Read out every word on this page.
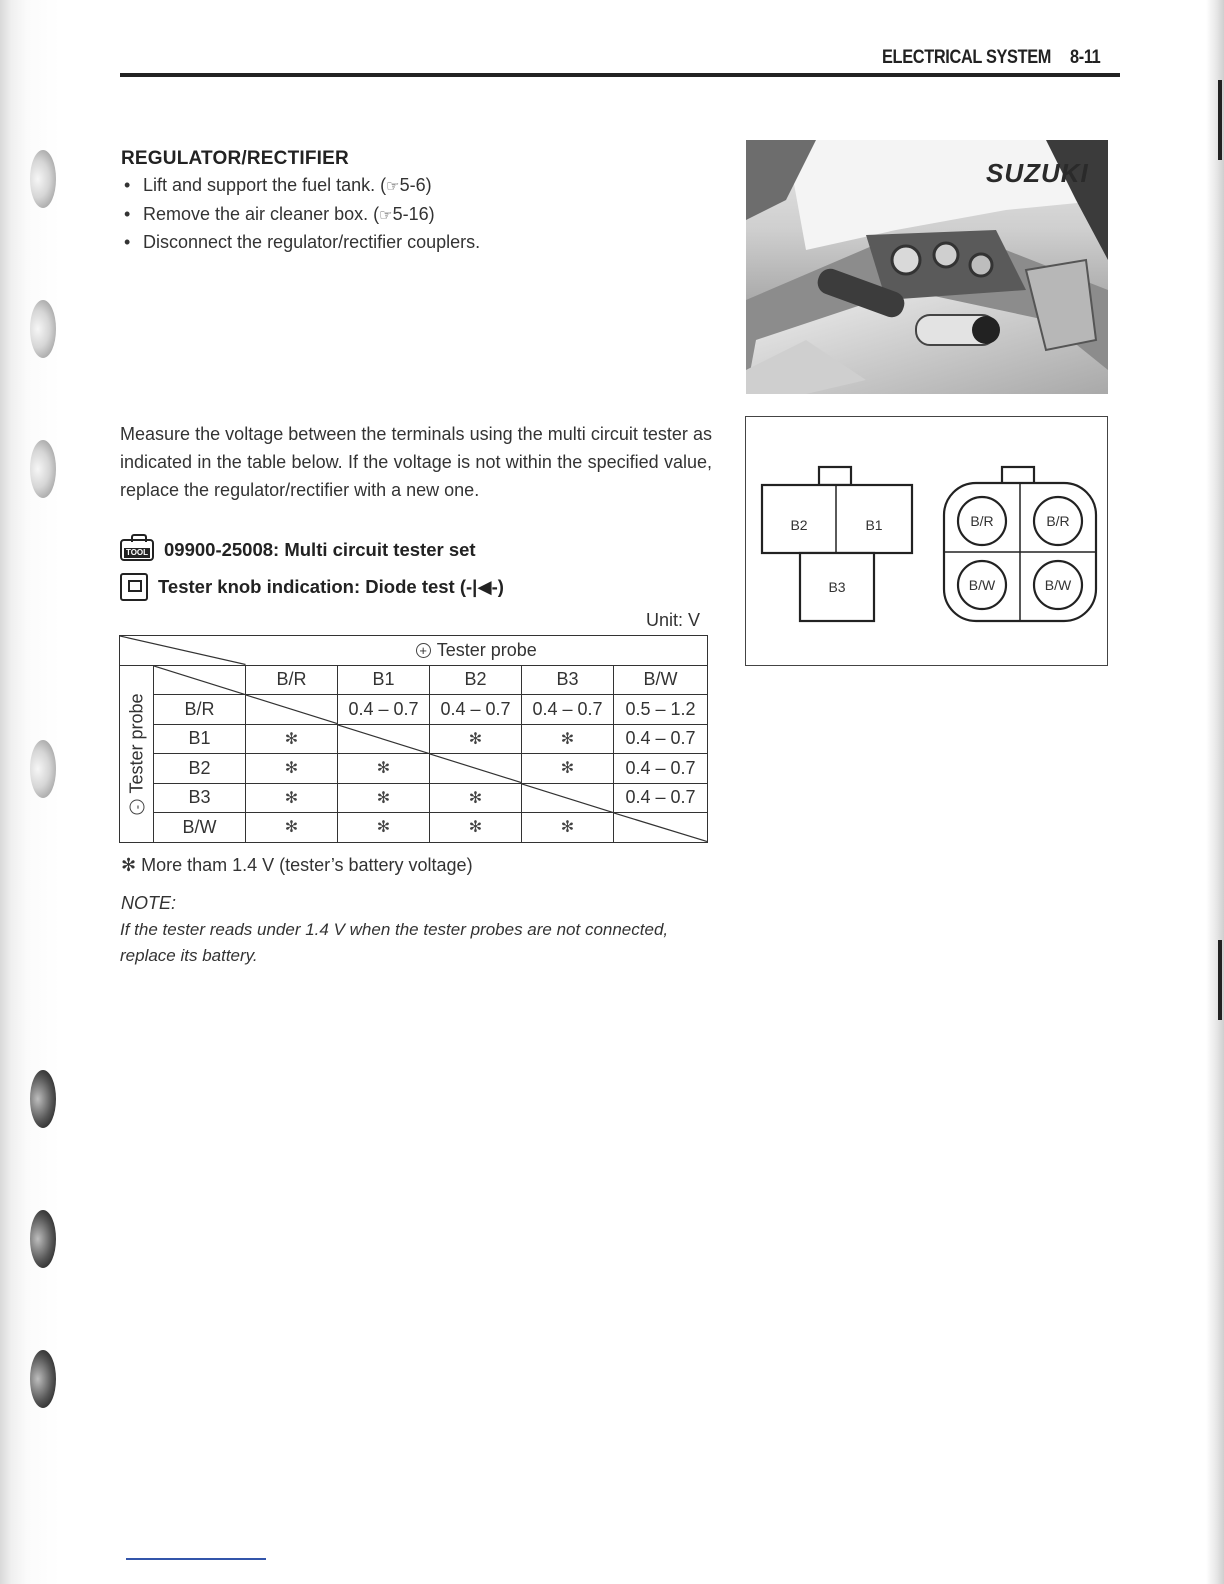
ELECTRICAL SYSTEM 8-11
REGULATOR/RECTIFIER
• Lift and support the fuel tank. (☞5-6)
• Remove the air cleaner box. (☞5-16)
• Disconnect the regulator/rectifier couplers.
SUZUKI
Measure the voltage between the terminals using the multi circuit tester as indicated in the table below. If the voltage is not within the specified value, replace the regulator/rectifier with a new one.
TOOL 09900-25008: Multi circuit tester set
Tester knob indication: Diode test (-|◀-)
Unit: V
	+ Tester probe				

-Tester probe		B/R	B1	B2	B3	B/W
	B/R		0.4 – 0.7	0.4 – 0.7	0.4 – 0.7	0.5 – 1.2
	B1	✻		✻	✻	0.4 – 0.7
	B2	✻	✻		✻	0.4 – 0.7
	B3	✻	✻	✻		0.4 – 0.7
	B/W	✻	✻	✻	✻	
✻ More tham 1.4 V (tester’s battery voltage)
NOTE:
If the tester reads under 1.4 V when the tester probes are not connected, replace its battery.
B2	B1
B3
B/R	B/R
B/W	B/W
